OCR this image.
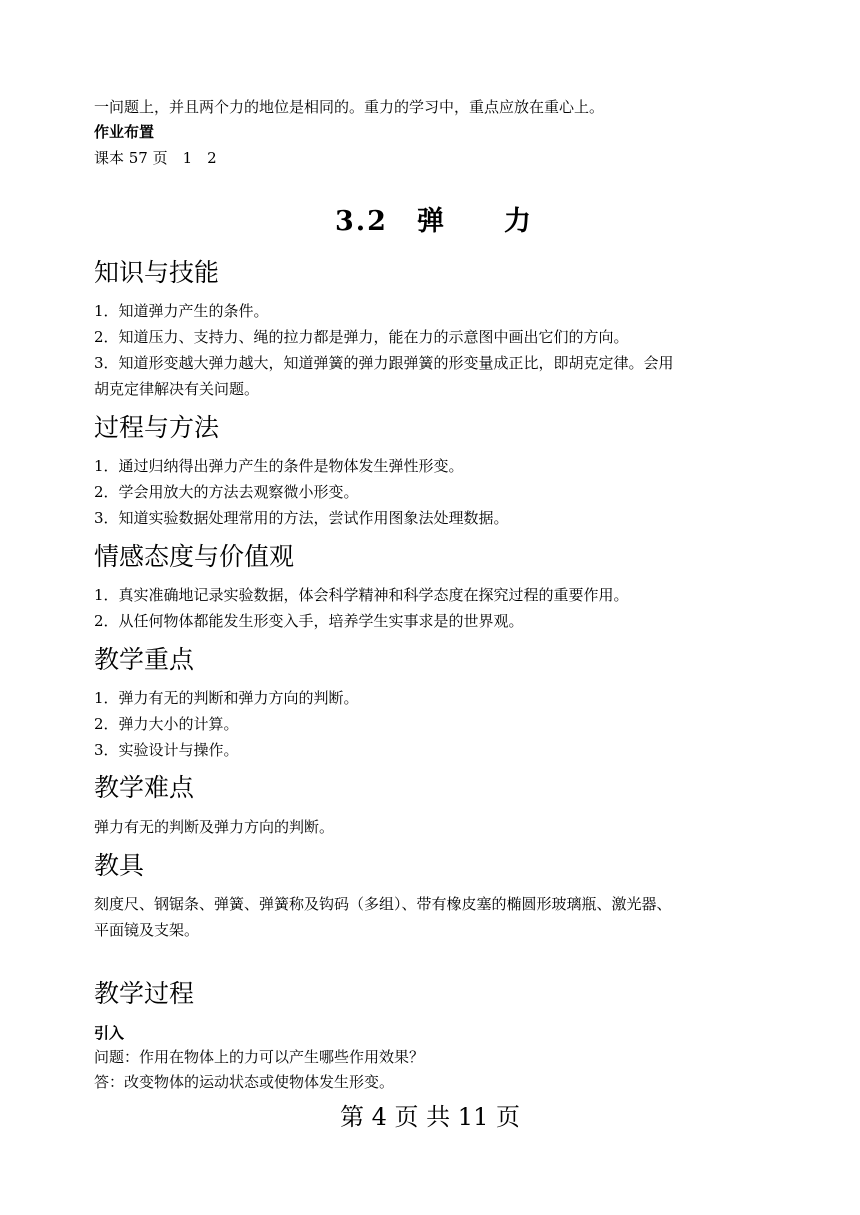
一问题上，并且两个力的地位是相同的。重力的学习中，重点应放在重心上。

作业布置

课本 57 页　1　2

3.2　弹　　力
知识与技能

1．知道弹力产生的条件。

2．知道压力、支持力、绳的拉力都是弹力，能在力的示意图中画出它们的方向。

3．知道形变越大弹力越大，知道弹簧的弹力跟弹簧的形变量成正比，即胡克定律。会用

胡克定律解决有关问题。

过程与方法

1．通过归纳得出弹力产生的条件是物体发生弹性形变。

2．学会用放大的方法去观察微小形变。

3．知道实验数据处理常用的方法，尝试作用图象法处理数据。

情感态度与价值观

1．真实准确地记录实验数据，体会科学精神和科学态度在探究过程的重要作用。

2．从任何物体都能发生形变入手，培养学生实事求是的世界观。

教学重点

1．弹力有无的判断和弹力方向的判断。

2．弹力大小的计算。

3．实验设计与操作。

教学难点

弹力有无的判断及弹力方向的判断。

教具

刻度尺、钢锯条、弹簧、弹簧称及钩码（多组）、带有橡皮塞的椭圆形玻璃瓶、激光器、

平面镜及支架。

教学过程

引入

问题：作用在物体上的力可以产生哪些作用效果？

答：改变物体的运动状态或使物体发生形变。

第 4 页 共 11 页
